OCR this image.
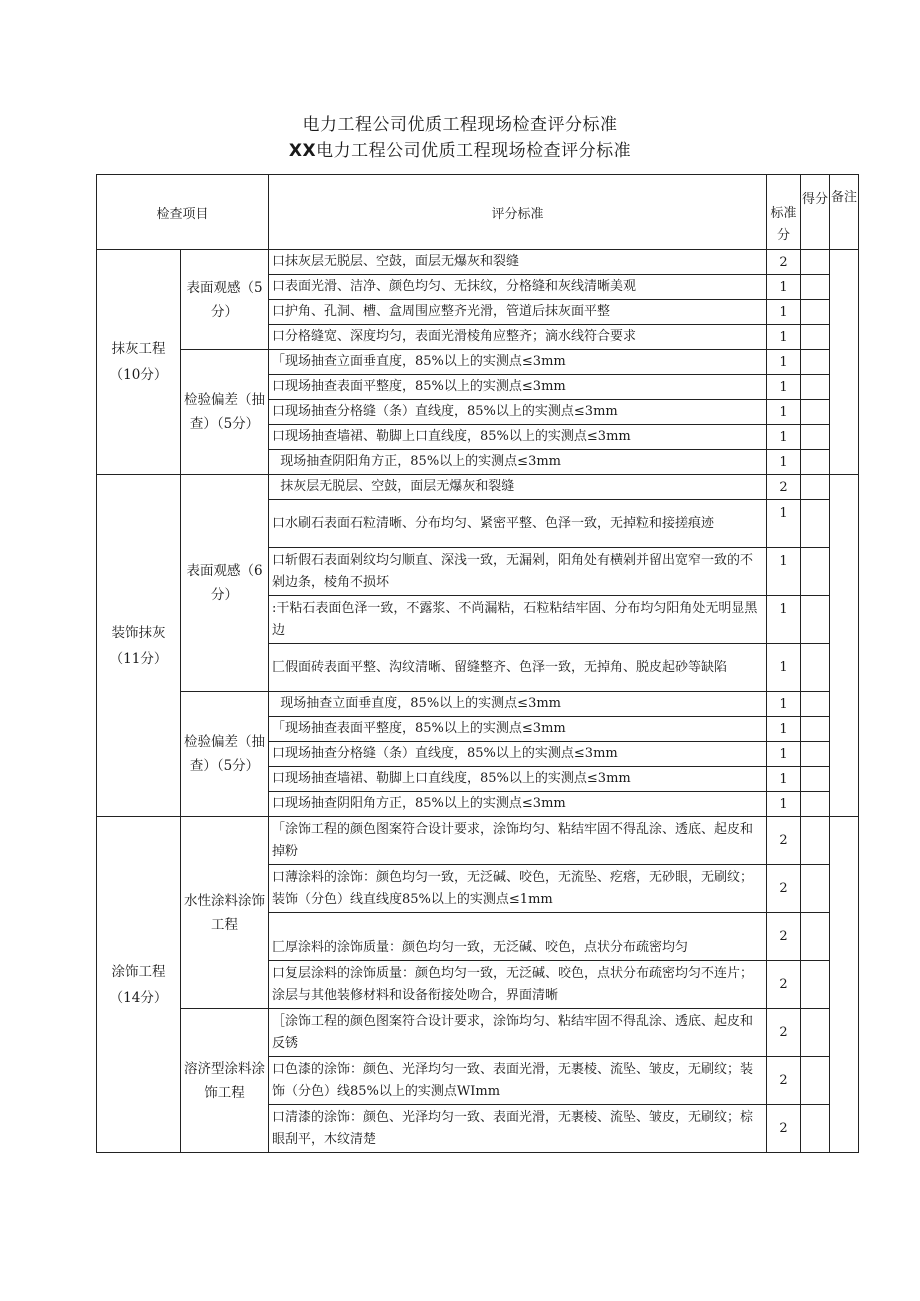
电力工程公司优质工程现场检查评分标准
XX电力工程公司优质工程现场检查评分标准
检查项目		评分标准	标准分	得分	备注
抹灰工程（10分）	表面观感（5分）	口抹灰层无脱层、空鼓，面层无爆灰和裂缝	2		
		口表面光滑、洁净、颜色均匀、无抹纹，分格缝和灰线清晰美观	1		
		口护角、孔洞、槽、盒周围应整齐光滑，管道后抹灰面平整	1		
		口分格缝宽、深度均匀，表面光滑棱角应整齐；滴水线符合要求	1		
	检验偏差（抽查）（5分）	「现场抽查立面垂直度，85%以上的实测点≤3mm	1		
		口现场抽查表面平整度，85%以上的实测点≤3mm	1		
		口现场抽查分格缝（条）直线度，85%以上的实测点≤3mm	1		
		口现场抽查墙裙、勒脚上口直线度，85%以上的实测点≤3mm	1		
		现场抽查阴阳角方正，85%以上的实测点≤3mm	1		
装饰抹灰（11分）	表面观感（6分）	抹灰层无脱层、空鼓，面层无爆灰和裂缝	2		
		口水刷石表面石粒清晰、分布均匀、紧密平整、色泽一致，无掉粒和接搓痕迹	1		
		口斩假石表面剁纹均匀顺直、深浅一致，无漏剁，阳角处有横剁并留出宽窄一致的不剁边条，棱角不损坏	1		
		:干粘石表面色泽一致，不露浆、不尚漏粘，石粒粘结牢固、分布均匀阳角处无明显黑边	1		
		匚假面砖表面平整、沟纹清晰、留缝整齐、色泽一致，无掉角、脱皮起砂等缺陷	1		
	检验偏差（抽查）（5分）	现场抽查立面垂直度，85%以上的实测点≤3mm	1		
		「现场抽查表面平整度，85%以上的实测点≤3mm	1		
		口现场抽查分格缝（条）直线度，85%以上的实测点≤3mm	1		
		口现场抽查墙裙、勒脚上口直线度，85%以上的实测点≤3mm	1		
		口现场抽查阴阳角方正，85%以上的实测点≤3mm	1		
涂饰工程（14分）	水性涂料涂饰工程	「涂饰工程的颜色图案符合设计要求，涂饰均匀、粘结牢固不得乱涂、透底、起皮和掉粉	2		
		口薄涂料的涂饰：颜色均匀一致，无泛碱、咬色，无流坠、疙瘩，无砂眼，无刷纹；装饰（分色）线直线度85%以上的实测点≤1mm	2		
		匚厚涂料的涂饰质量：颜色均匀一致，无泛碱、咬色，点状分布疏密均匀	2		
		口复层涂料的涂饰质量：颜色均匀一致，无泛碱、咬色，点状分布疏密均匀不连片；涂层与其他装修材料和设备衔接处吻合，界面清晰	2		
	溶济型涂料涂饰工程	［涂饰工程的颜色图案符合设计要求，涂饰均匀、粘结牢固不得乱涂、透底、起皮和反锈	2		
		口色漆的涂饰：颜色、光泽均匀一致、表面光滑，无裹棱、流坠、皱皮，无刷纹；装饰（分色）线85%以上的实测点WImm	2		
		口清漆的涂饰：颜色、光泽均匀一致、表面光滑，无裹棱、流坠、皱皮，无刷纹；棕眼刮平，木纹清楚	2		
